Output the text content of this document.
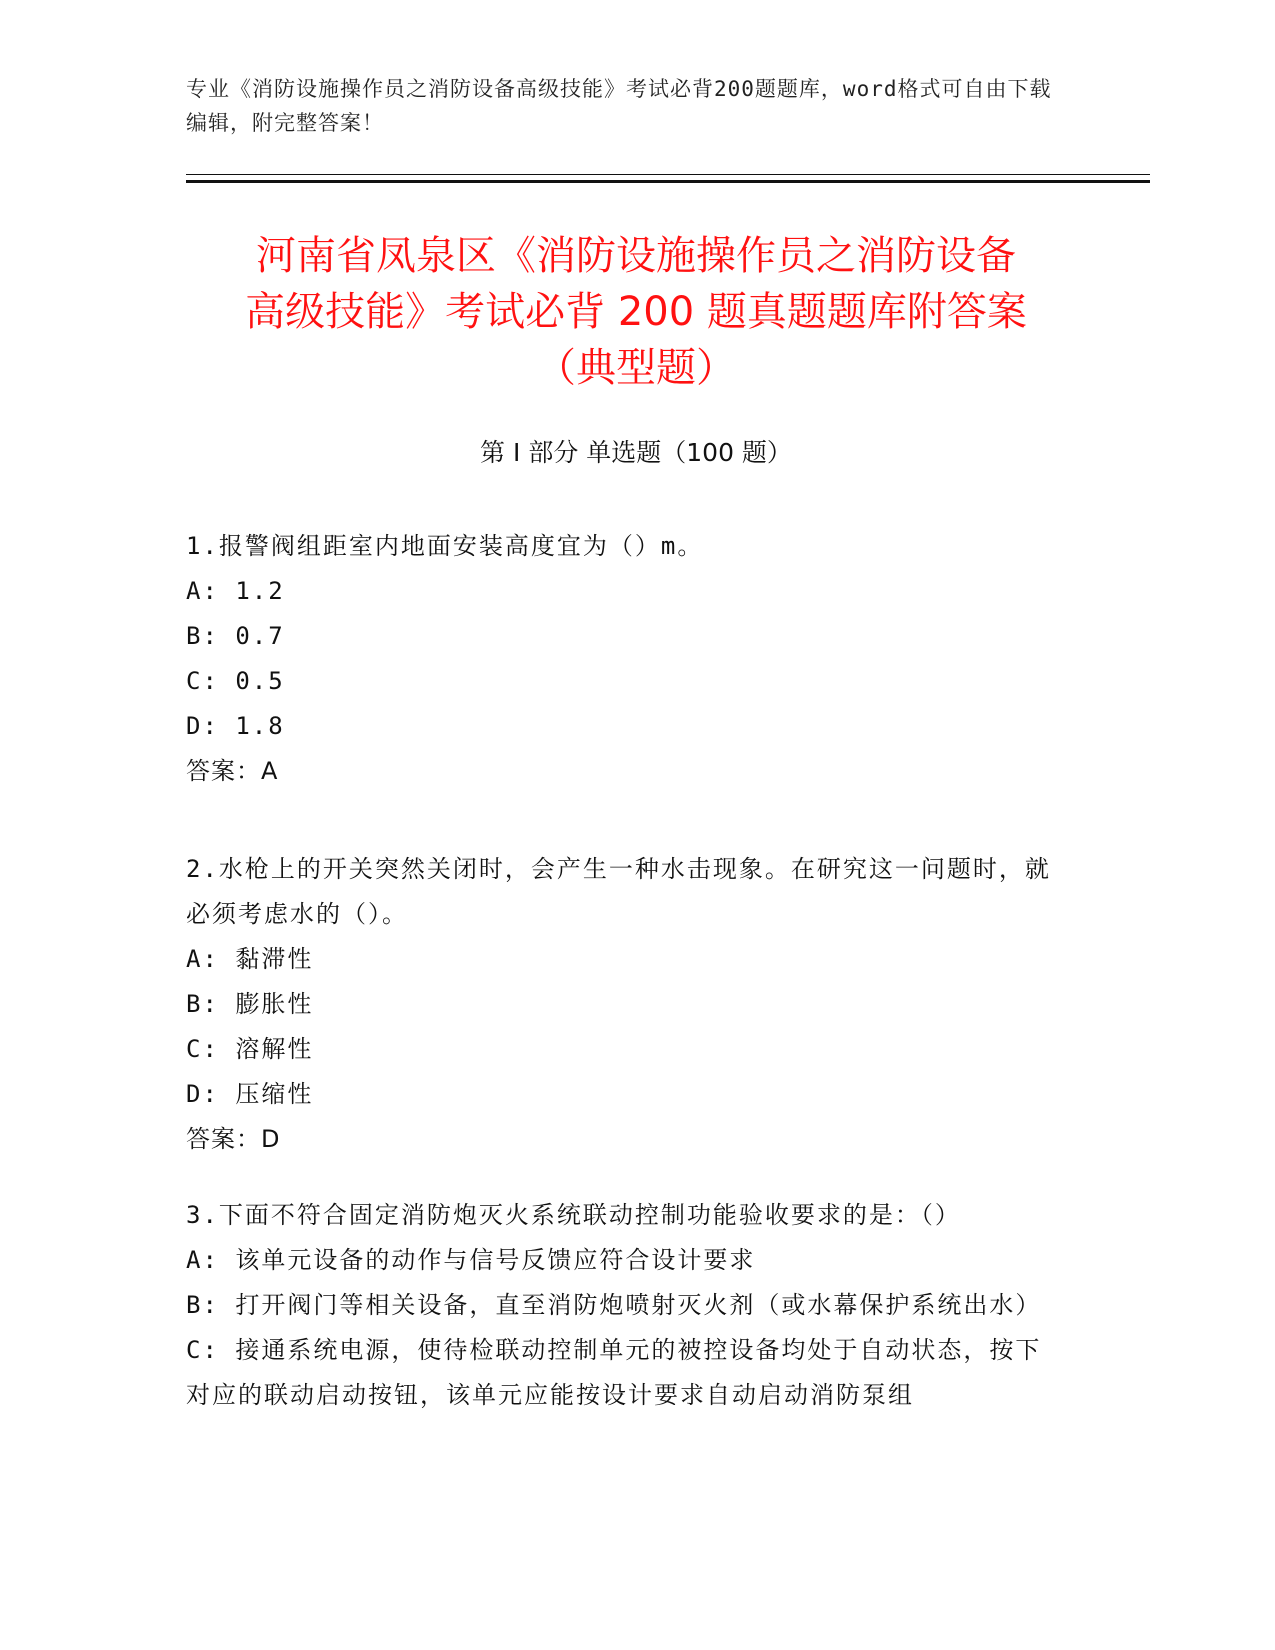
专业《消防设施操作员之消防设备高级技能》考试必背200题题库，word格式可自由下载编辑，附完整答案！
河南省凤泉区《消防设施操作员之消防设备
高级技能》考试必背 200 题真题题库附答案
（典型题）
第 I 部分 单选题（100 题）

1.报警阀组距室内地面安装高度宜为（）m。

A: 1.2

B: 0.7

C: 0.5

D: 1.8

答案：A

2.水枪上的开关突然关闭时，会产生一种水击现象。在研究这一问题时，就必须考虑水的（）。

A: 黏滞性

B: 膨胀性

C: 溶解性

D: 压缩性

答案：D

3.下面不符合固定消防炮灭火系统联动控制功能验收要求的是：（）

A: 该单元设备的动作与信号反馈应符合设计要求

B: 打开阀门等相关设备，直至消防炮喷射灭火剂（或水幕保护系统出水）

C: 接通系统电源，使待检联动控制单元的被控设备均处于自动状态，按下对应的联动启动按钮，该单元应能按设计要求自动启动消防泵组
